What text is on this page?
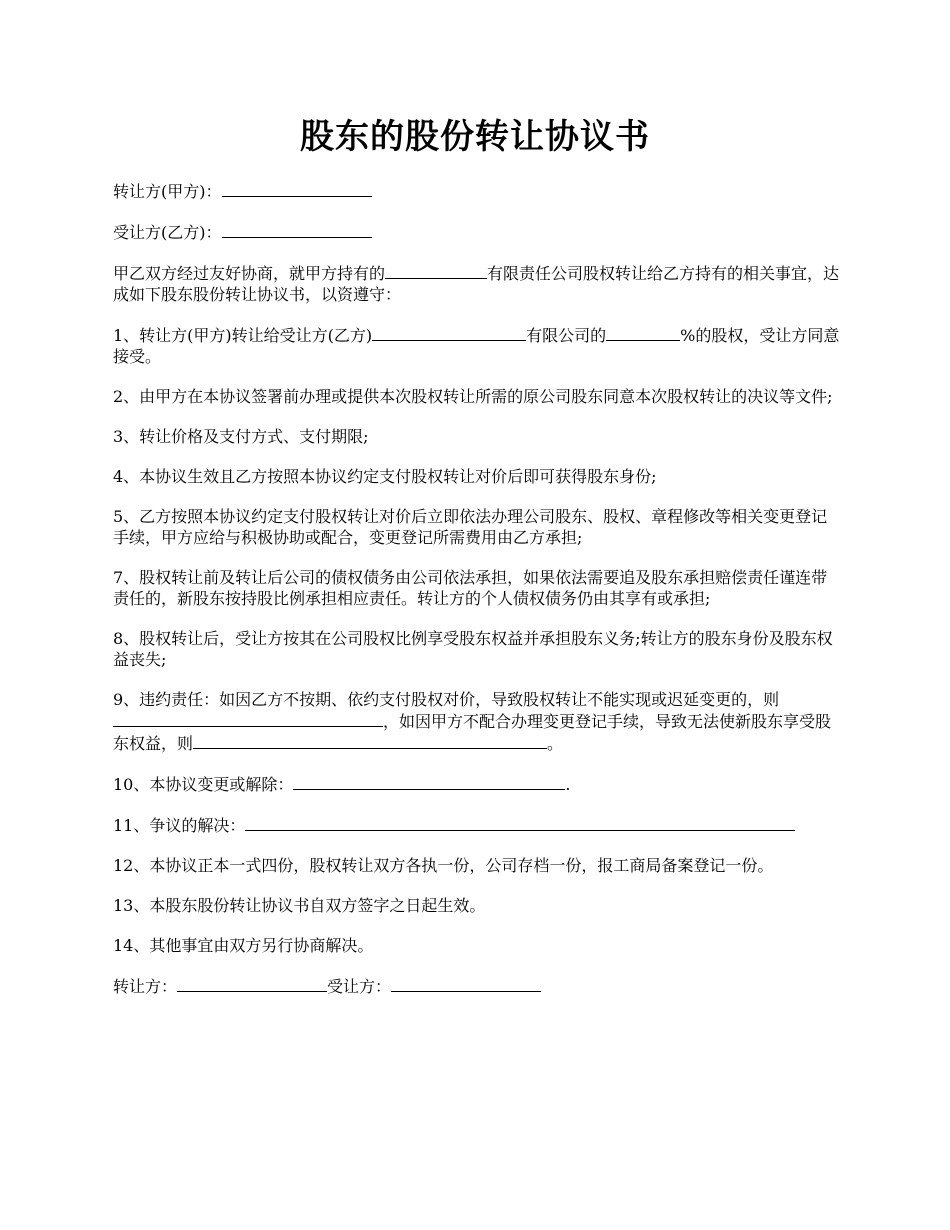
股东的股份转让协议书
转让方(甲方)：
受让方(乙方)：
甲乙双方经过友好协商，就甲方持有的	有限责任公司股权转让给乙方持有的相关事宜，达成如下股东股份转让协议书，以资遵守：
1、转让方(甲方)转让给受让方(乙方)	有限公司的	%的股权，受让方同意接受。
2、由甲方在本协议签署前办理或提供本次股权转让所需的原公司股东同意本次股权转让的决议等文件;
3、转让价格及支付方式、支付期限;
4、本协议生效且乙方按照本协议约定支付股权转让对价后即可获得股东身份;
5、乙方按照本协议约定支付股权转让对价后立即依法办理公司股东、股权、章程修改等相关变更登记手续，甲方应给与积极协助或配合，变更登记所需费用由乙方承担;
7、股权转让前及转让后公司的债权债务由公司依法承担，如果依法需要追及股东承担赔偿责任谨连带责任的，新股东按持股比例承担相应责任。转让方的个人债权债务仍由其享有或承担;
8、股权转让后，受让方按其在公司股权比例享受股东权益并承担股东义务;转让方的股东身份及股东权益丧失;
9、违约责任：如因乙方不按期、依约支付股权对价，导致股权转让不能实现或迟延变更的，则，如因甲方不配合办理变更登记手续，导致无法使新股东享受股东权益，则	。
10、本协议变更或解除：	.
11、争议的解决：
12、本协议正本一式四份，股权转让双方各执一份，公司存档一份，报工商局备案登记一份。
13、本股东股份转让协议书自双方签字之日起生效。
14、其他事宜由双方另行协商解决。
转让方：	受让方：
